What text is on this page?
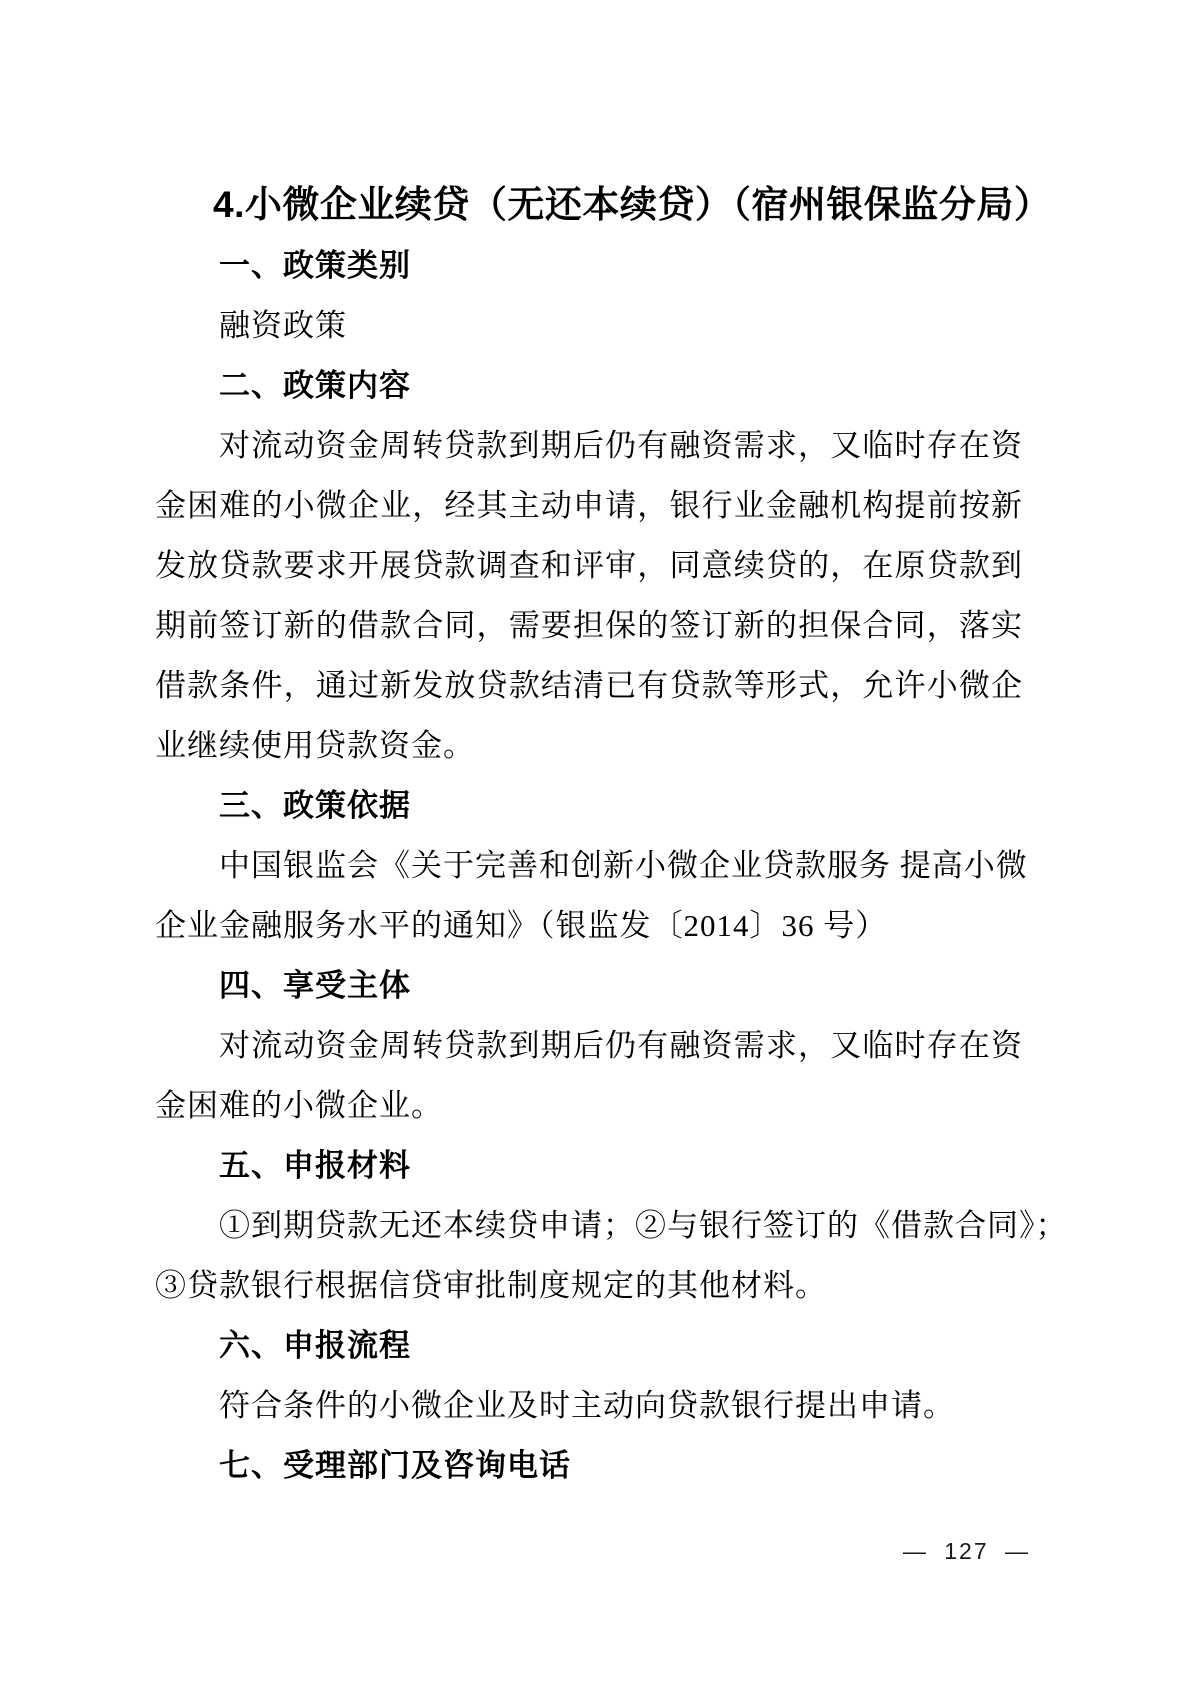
4.小微企业续贷（无还本续贷）（宿州银保监分局）
一、政策类别
融资政策
二、政策内容
对流动资金周转贷款到期后仍有融资需求，又临时存在资
金困难的小微企业，经其主动申请，银行业金融机构提前按新
发放贷款要求开展贷款调查和评审，同意续贷的，在原贷款到
期前签订新的借款合同，需要担保的签订新的担保合同，落实
借款条件，通过新发放贷款结清已有贷款等形式，允许小微企
业继续使用贷款资金。
三、政策依据
中国银监会《关于完善和创新小微企业贷款服务 提高小微
企业金融服务水平的通知》（银监发〔2014〕36 号）
四、享受主体
对流动资金周转贷款到期后仍有融资需求，又临时存在资
金困难的小微企业。
五、申报材料
①到期贷款无还本续贷申请；②与银行签订的《借款合同》；
③贷款银行根据信贷审批制度规定的其他材料。
六、申报流程
符合条件的小微企业及时主动向贷款银行提出申请。
七、受理部门及咨询电话
— 127 —
